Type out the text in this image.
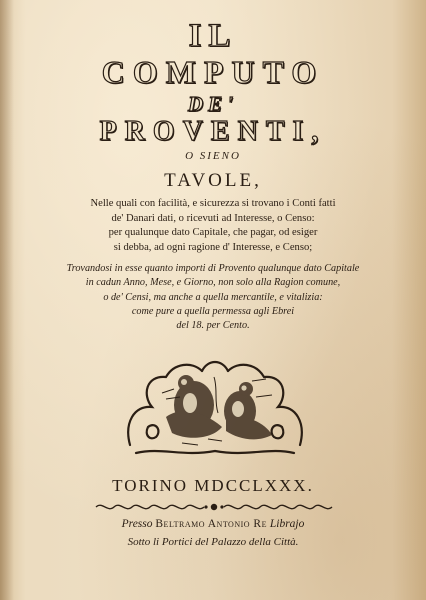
IL
COMPUTO
DE'
PROVENTI,
O SIENO
TAVOLE,
Nelle quali con facilità, e sicurezza si trovano i Conti fatti
de' Danari dati, o ricevuti ad Interesse, o Censo:
per qualunque dato Capitale, che pagar, od esiger
si debba, ad ogni ragione d' Interesse, e Censo;
Trovandosi in esse quanto importi di Provento qualunque dato Capitale
in cadun Anno, Mese, e Giorno, non solo alla Ragion comune,
o de' Censi, ma anche a quella mercantile, e vitalizia:
come pure a quella permessa agli Ebrei
del 18. per Cento.
TORINO MDCCLXXX.
Presso Beltramo Antonio Re Librajo
Sotto li Portici del Palazzo della Città.
